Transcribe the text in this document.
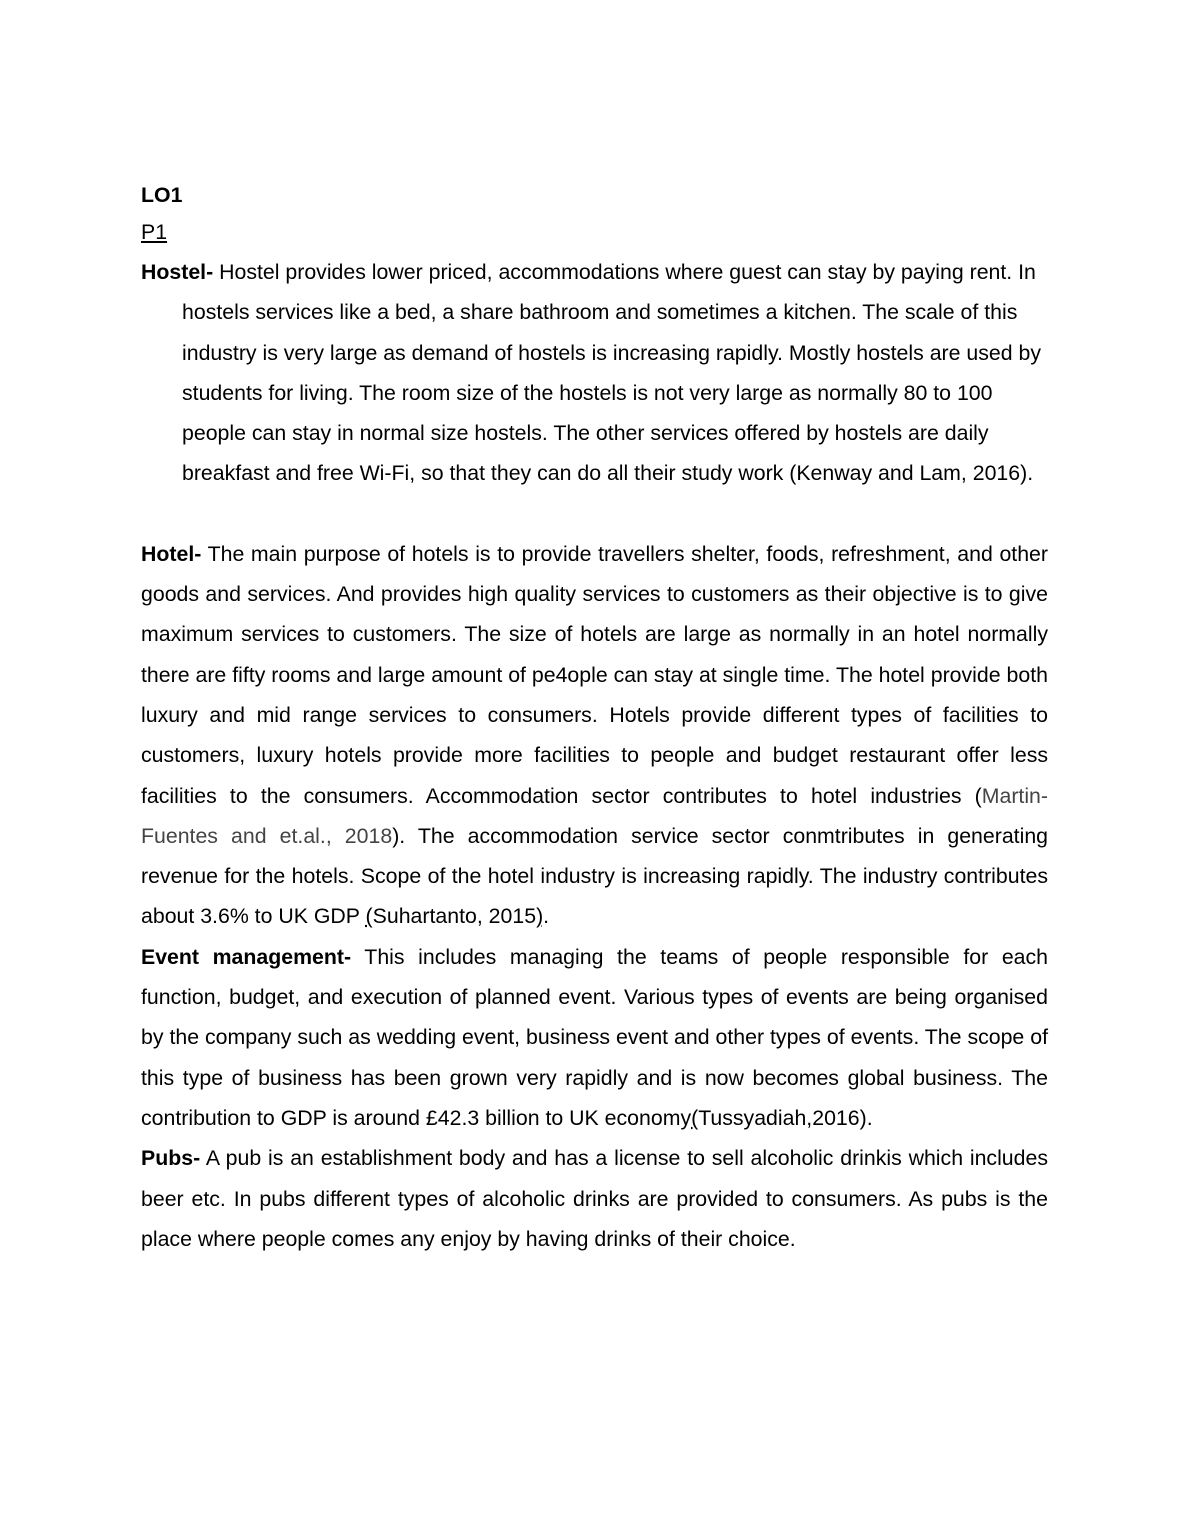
LO1
P1

Hostel- Hostel provides lower priced, accommodations where guest can stay by paying rent. In hostels services like a bed, a share bathroom and sometimes a kitchen. The scale of this industry is very large as demand of hostels is increasing rapidly. Mostly hostels are used by students for living. The room size of the hostels is not very large as normally 80 to 100 people can stay in normal size hostels. The other services offered by hostels are daily breakfast and free Wi-Fi, so that they can do all their study work (Kenway and Lam, 2016).

Hotel- The main purpose of hotels is to provide travellers shelter, foods, refreshment, and other goods and services. And provides high quality services to customers as their objective is to give maximum services to customers. The size of hotels are large as normally in an hotel normally there are fifty rooms and large amount of pe4ople can stay at single time. The hotel provide both luxury and mid range services to consumers. Hotels provide different types of facilities to customers, luxury hotels provide more facilities to people and budget restaurant offer less facilities to the consumers. Accommodation sector contributes to hotel industries (Martin-Fuentes and et.al., 2018). The accommodation service sector conmtributes in generating revenue for the hotels. Scope of the hotel industry is increasing rapidly. The industry contributes about 3.6% to UK GDP (Suhartanto, 2015).

Event management- This includes managing the teams of people responsible for each function, budget, and execution of planned event. Various types of events are being organised by the company such as wedding event, business event and other types of events. The scope of this type of business has been grown very rapidly and is now becomes global business. The contribution to GDP is around £42.3 billion to UK economy(Tussyadiah,2016).

Pubs- A pub is an establishment body and has a license to sell alcoholic drinkis which includes beer etc. In pubs different types of alcoholic drinks are provided to consumers. As pubs is the place where people comes any enjoy by having drinks of their choice.
